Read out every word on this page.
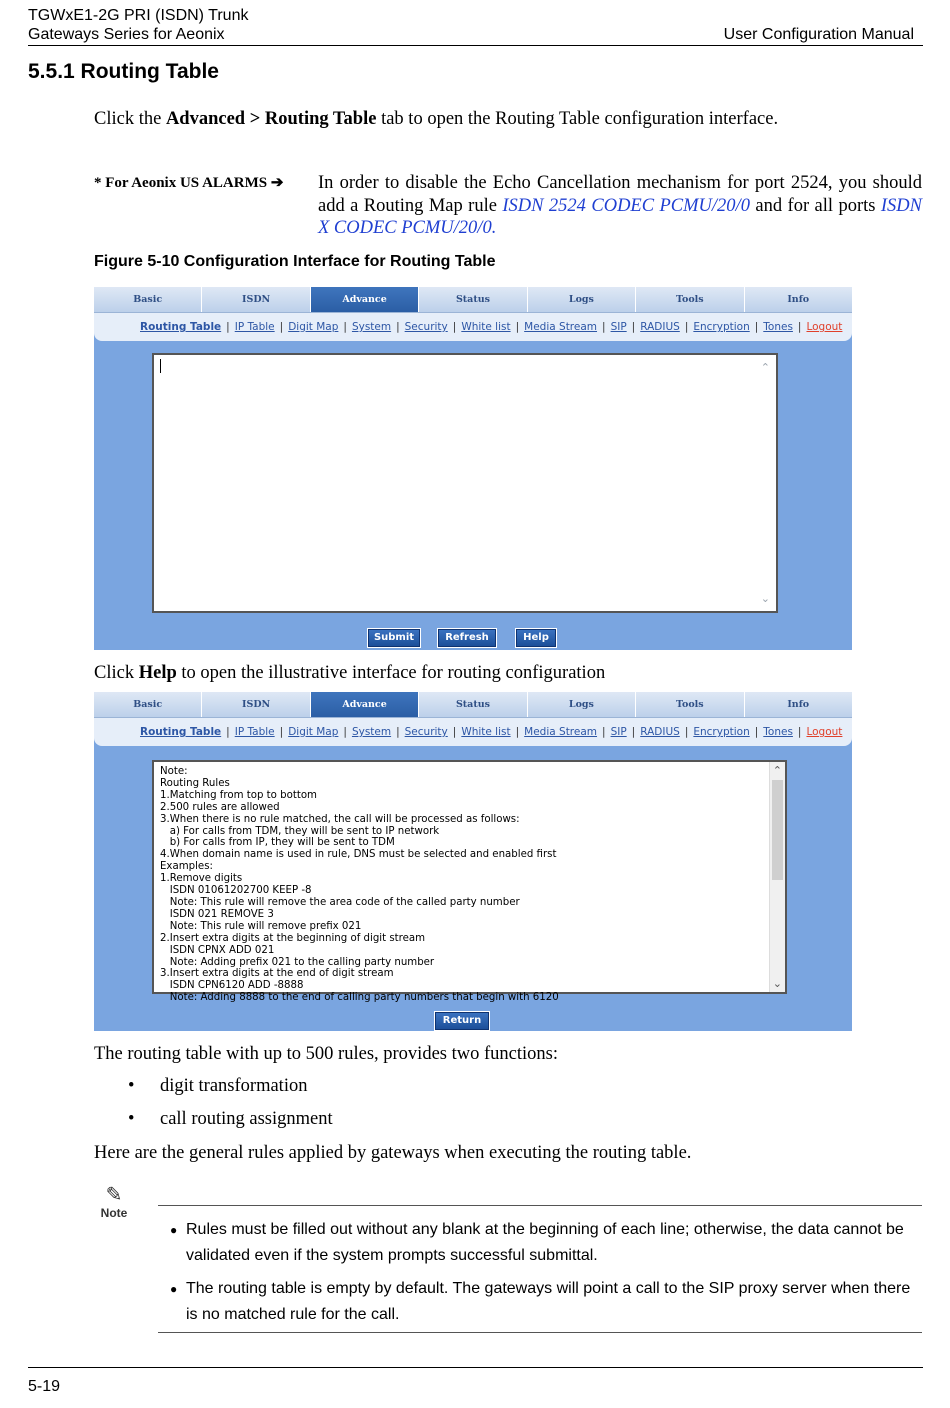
TGWxE1-2G PRI (ISDN) Trunk
Gateways Series for Aeonix	User Configuration Manual
5.5.1 Routing Table
Click the Advanced > Routing Table tab to open the Routing Table configuration interface.
* For Aeonix US ALARMS ➔ In order to disable the Echo Cancellation mechanism for port 2524, you should add a Routing Map rule ISDN 2524 CODEC PCMU/20/0 and for all ports ISDN X CODEC PCMU/20/0.
Figure 5-10 Configuration Interface for Routing Table
Basic	ISDN	Advance	Status	Logs	Tools	Info
Routing Table | IP Table | Digit Map | System | Security | White list | Media Stream | SIP | RADIUS | Encryption | Tones | Logout
⌃
⌄
Submit	Refresh	Help
Click Help to open the illustrative interface for routing configuration
Basic	ISDN	Advance	Status	Logs	Tools	Info
Routing Table | IP Table | Digit Map | System | Security | White list | Media Stream | SIP | RADIUS | Encryption | Tones | Logout
Note:
Routing Rules
1.Matching from top to bottom
2.500 rules are allowed
3.When there is no rule matched, the call will be processed as follows:
a) For calls from TDM, they will be sent to IP network
b) For calls from IP, they will be sent to TDM
4.When domain name is used in rule, DNS must be selected and enabled first
Examples:
1.Remove digits
ISDN 01061202700 KEEP -8
Note: This rule will remove the area code of the called party number
ISDN 021 REMOVE 3
Note: This rule will remove prefix 021
2.Insert extra digits at the beginning of digit stream
ISDN CPNX ADD 021
Note: Adding prefix 021 to the calling party number
3.Insert extra digits at the end of digit stream
ISDN CPN6120 ADD -8888
Note: Adding 8888 to the end of calling party numbers that begin with 6120
⌃
⌄
Return
The routing table with up to 500 rules, provides two functions:
• digit transformation
• call routing assignment
Here are the general rules applied by gateways when executing the routing table.
✎
Note
● Rules must be filled out without any blank at the beginning of each line; otherwise, the data cannot be validated even if the system prompts successful submittal.
● The routing table is empty by default. The gateways will point a call to the SIP proxy server when there is no matched rule for the call.
5-19
